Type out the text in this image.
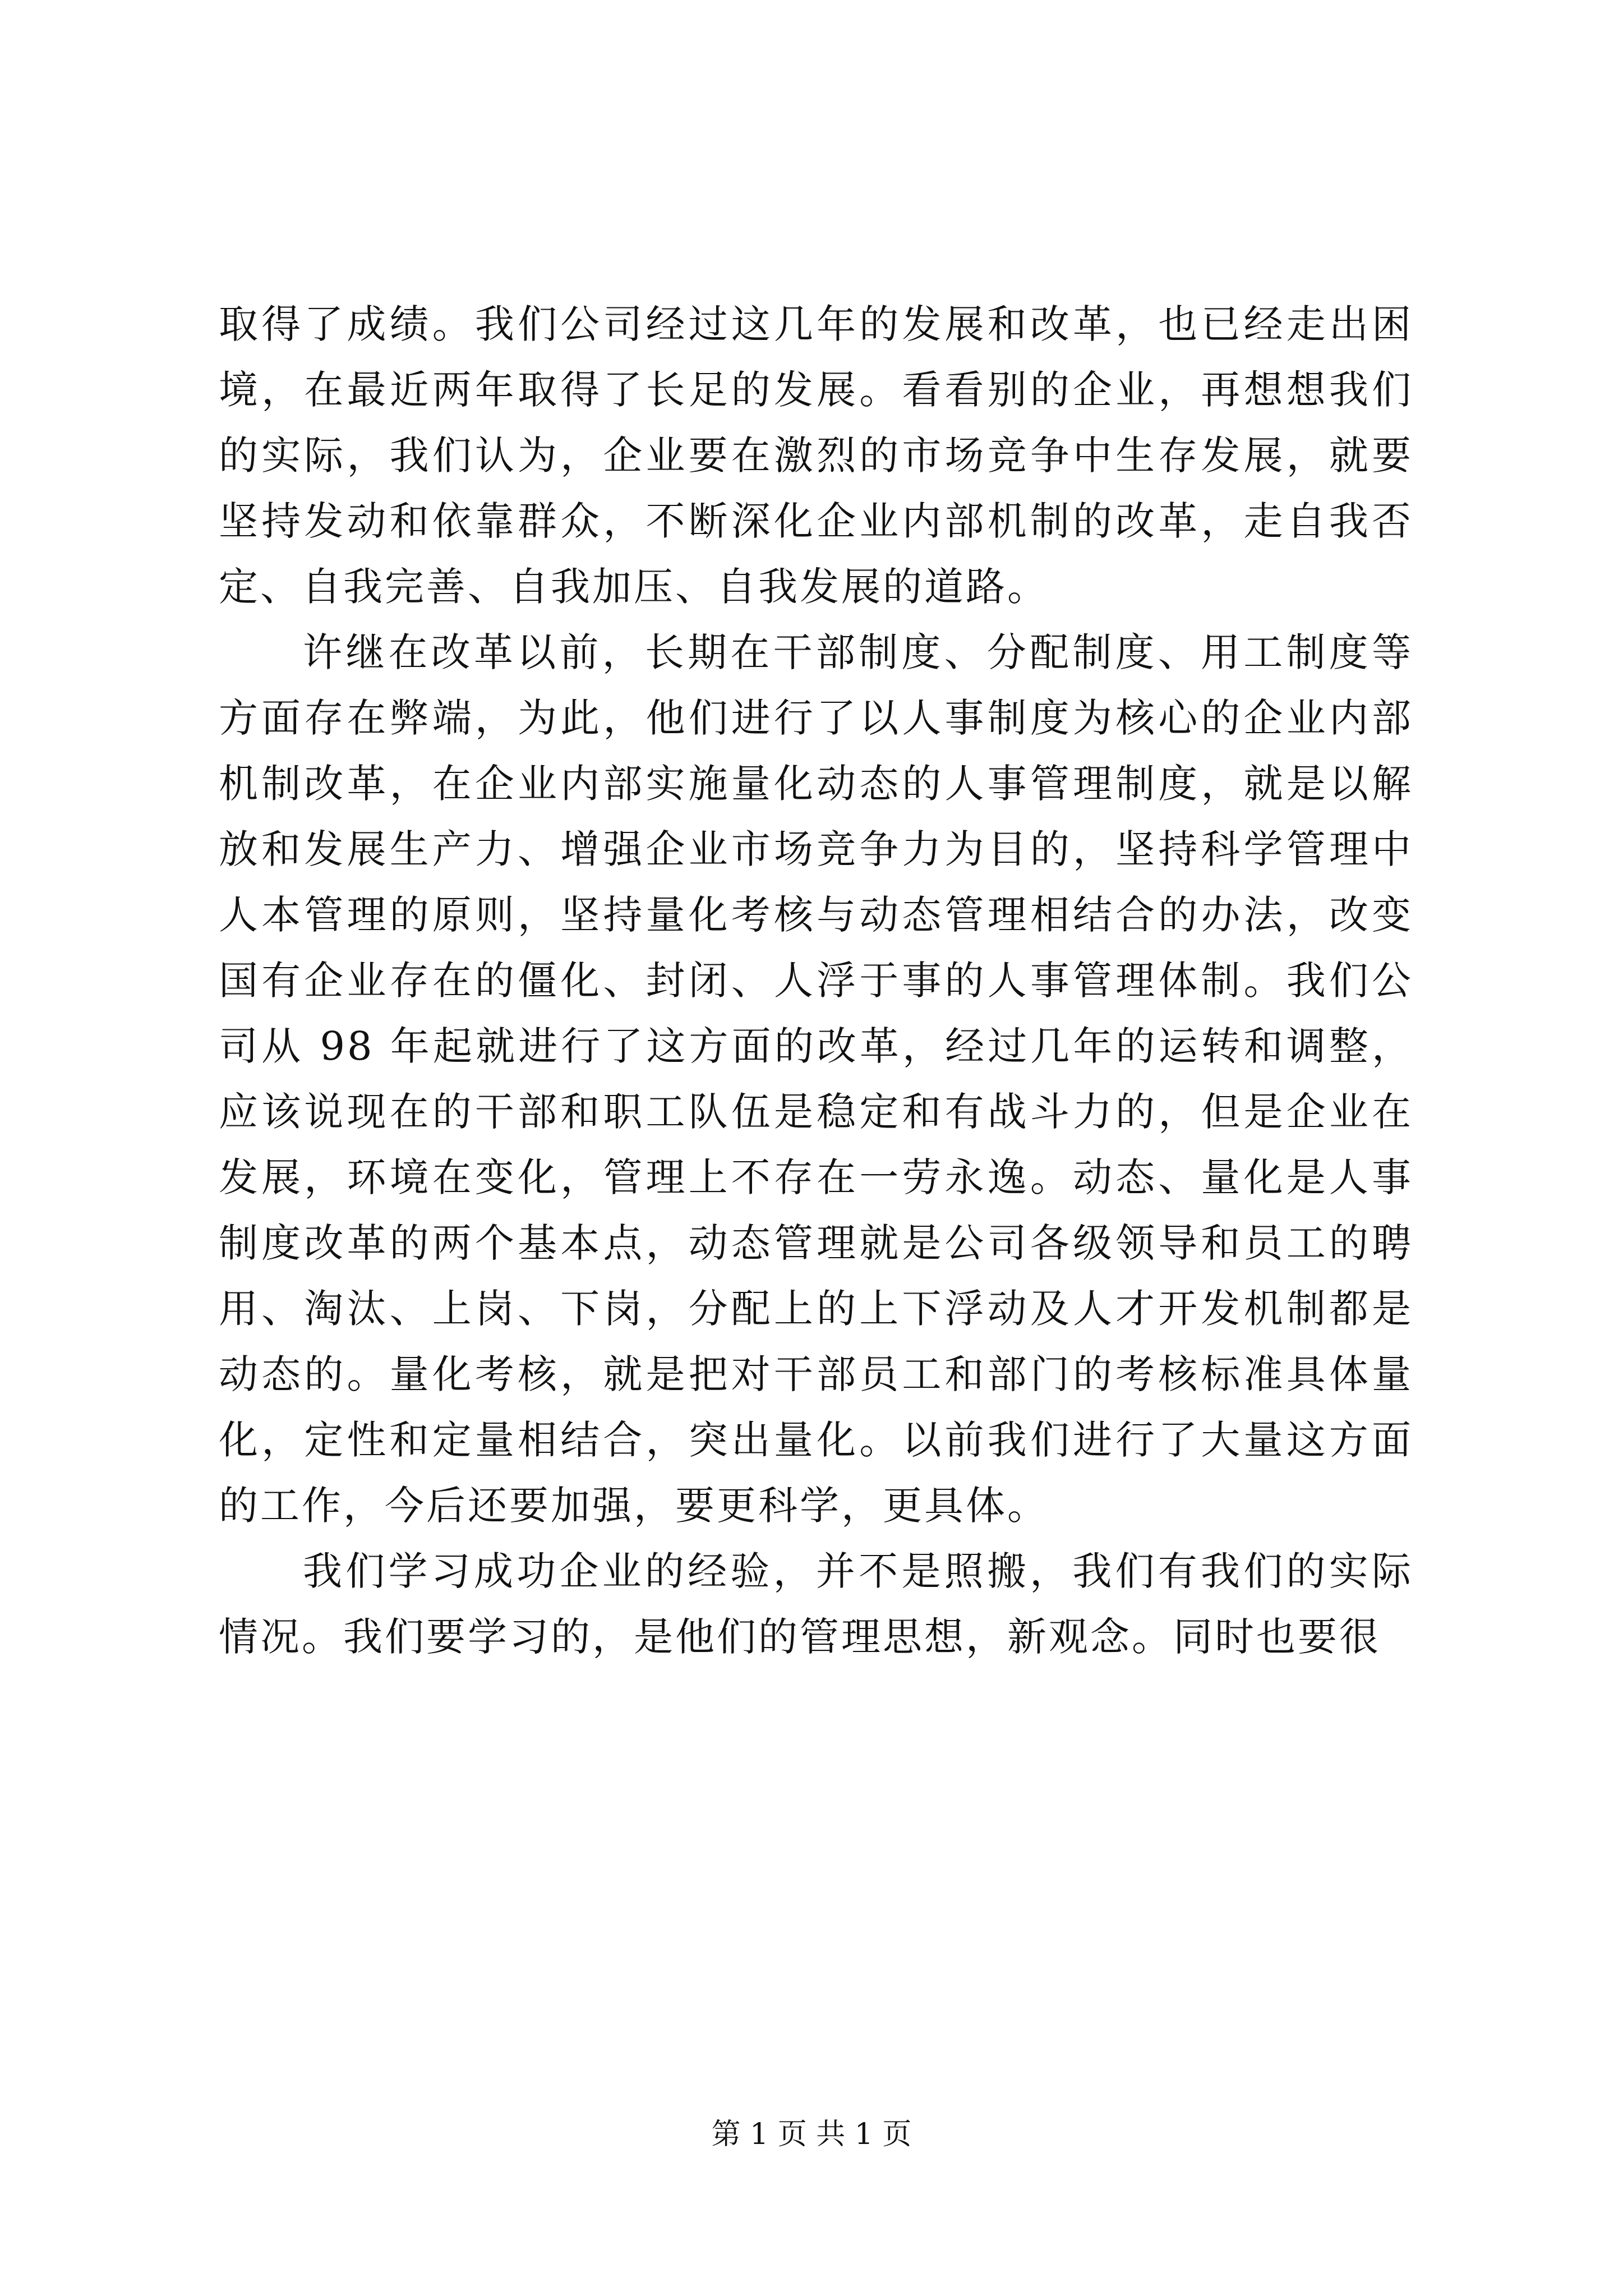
取得了成绩。我们公司经过这几年的发展和改革，也已经走出困境，在最近两年取得了长足的发展。看看别的企业，再想想我们的实际，我们认为，企业要在激烈的市场竞争中生存发展，就要坚持发动和依靠群众，不断深化企业内部机制的改革，走自我否定、自我完善、自我加压、自我发展的道路。

许继在改革以前，长期在干部制度、分配制度、用工制度等方面存在弊端，为此，他们进行了以人事制度为核心的企业内部机制改革，在企业内部实施量化动态的人事管理制度，就是以解放和发展生产力、增强企业市场竞争力为目的，坚持科学管理中人本管理的原则，坚持量化考核与动态管理相结合的办法，改变国有企业存在的僵化、封闭、人浮于事的人事管理体制。我们公司从 98 年起就进行了这方面的改革，经过几年的运转和调整，应该说现在的干部和职工队伍是稳定和有战斗力的，但是企业在发展，环境在变化，管理上不存在一劳永逸。动态、量化是人事制度改革的两个基本点，动态管理就是公司各级领导和员工的聘用、淘汰、上岗、下岗，分配上的上下浮动及人才开发机制都是动态的。量化考核，就是把对干部员工和部门的考核标准具体量化，定性和定量相结合，突出量化。以前我们进行了大量这方面的工作，今后还要加强，要更科学，更具体。

我们学习成功企业的经验，并不是照搬，我们有我们的实际情况。我们要学习的，是他们的管理思想，新观念。同时也要很

第 1 页 共 1 页
